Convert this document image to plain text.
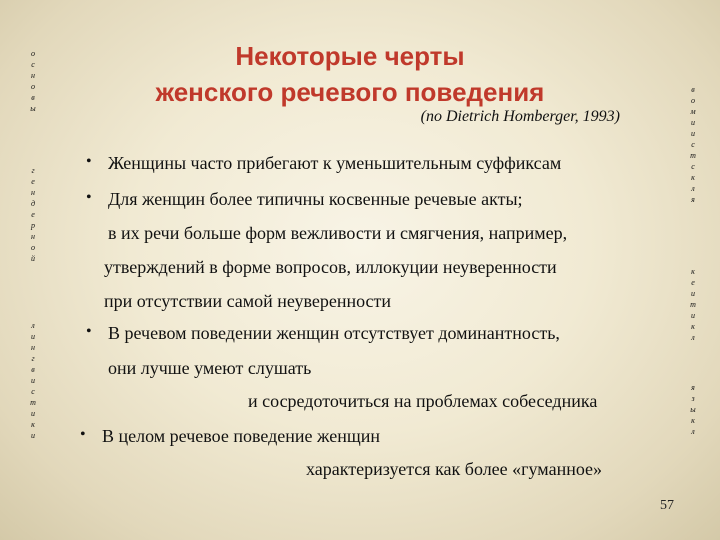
Некоторые черты
женского речевого поведения
(по Dietrich Homberger, 1993)
• Женщины часто прибегают к уменьшительным суффиксам
• Для женщин более типичны косвенные речевые акты;
в их речи больше форм вежливости и смягчения, например,
утверждений в форме вопросов, иллокуции неуверенности
при отсутствии самой неуверенности
• В речевом поведении женщин отсутствует доминантность,
они лучше умеют слушать
и сосредоточиться на проблемах собеседника
• В целом речевое поведение женщин
характеризуется как более «гуманное»
о
с
н
о
в
ы
г
е
н
д
е
р
н
о
й
л
и
н
г
в
и
с
т
и
к
и
в
о
м
и
и
с
т
с
к
л
я
к
е
и
т
и
к
л
я
з
ы
к
л
57
